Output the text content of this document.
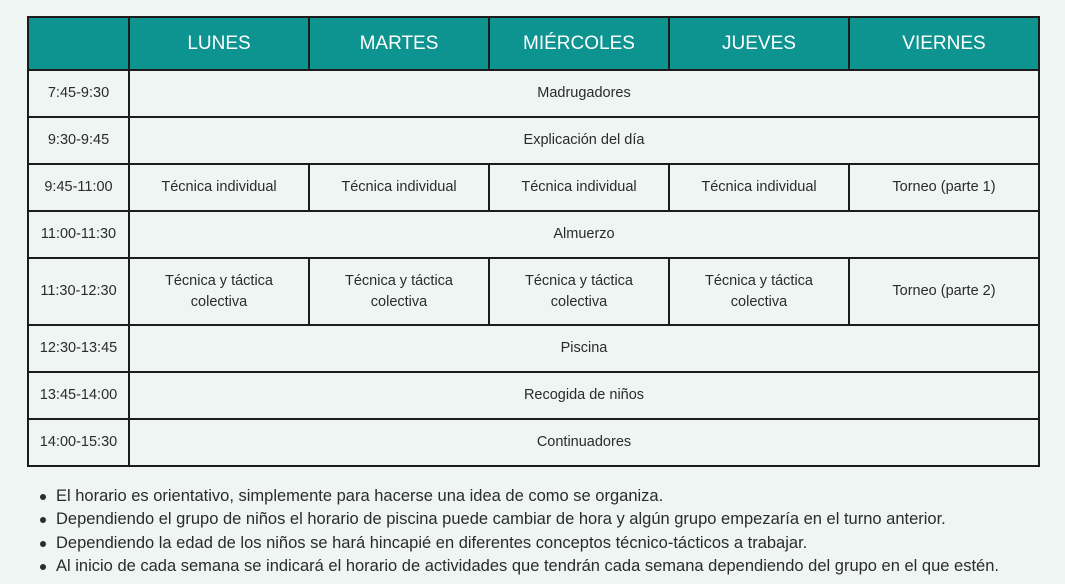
	LUNES	MARTES	MIÉRCOLES	JUEVES	VIERNES
7:45-9:30	Madrugadores				
9:30-9:45	Explicación del día				
9:45-11:00	Técnica individual	Técnica individual	Técnica individual	Técnica individual	Torneo (parte 1)
11:00-11:30	Almuerzo				
11:30-12:30	Técnica y táctica colectiva	Técnica y táctica colectiva	Técnica y táctica colectiva	Técnica y táctica colectiva	Torneo (parte 2)
12:30-13:45	Piscina				
13:45-14:00	Recogida de niños				
14:00-15:30	Continuadores				
El horario es orientativo, simplemente para hacerse una idea de como se organiza.
Dependiendo el grupo de niños el horario de piscina puede cambiar de hora y algún grupo empezaría en el turno anterior.
Dependiendo la edad de los niños se hará hincapié en diferentes conceptos técnico-tácticos a trabajar.
Al inicio de cada semana se indicará el horario de actividades que tendrán cada semana dependiendo del grupo en el que estén.
